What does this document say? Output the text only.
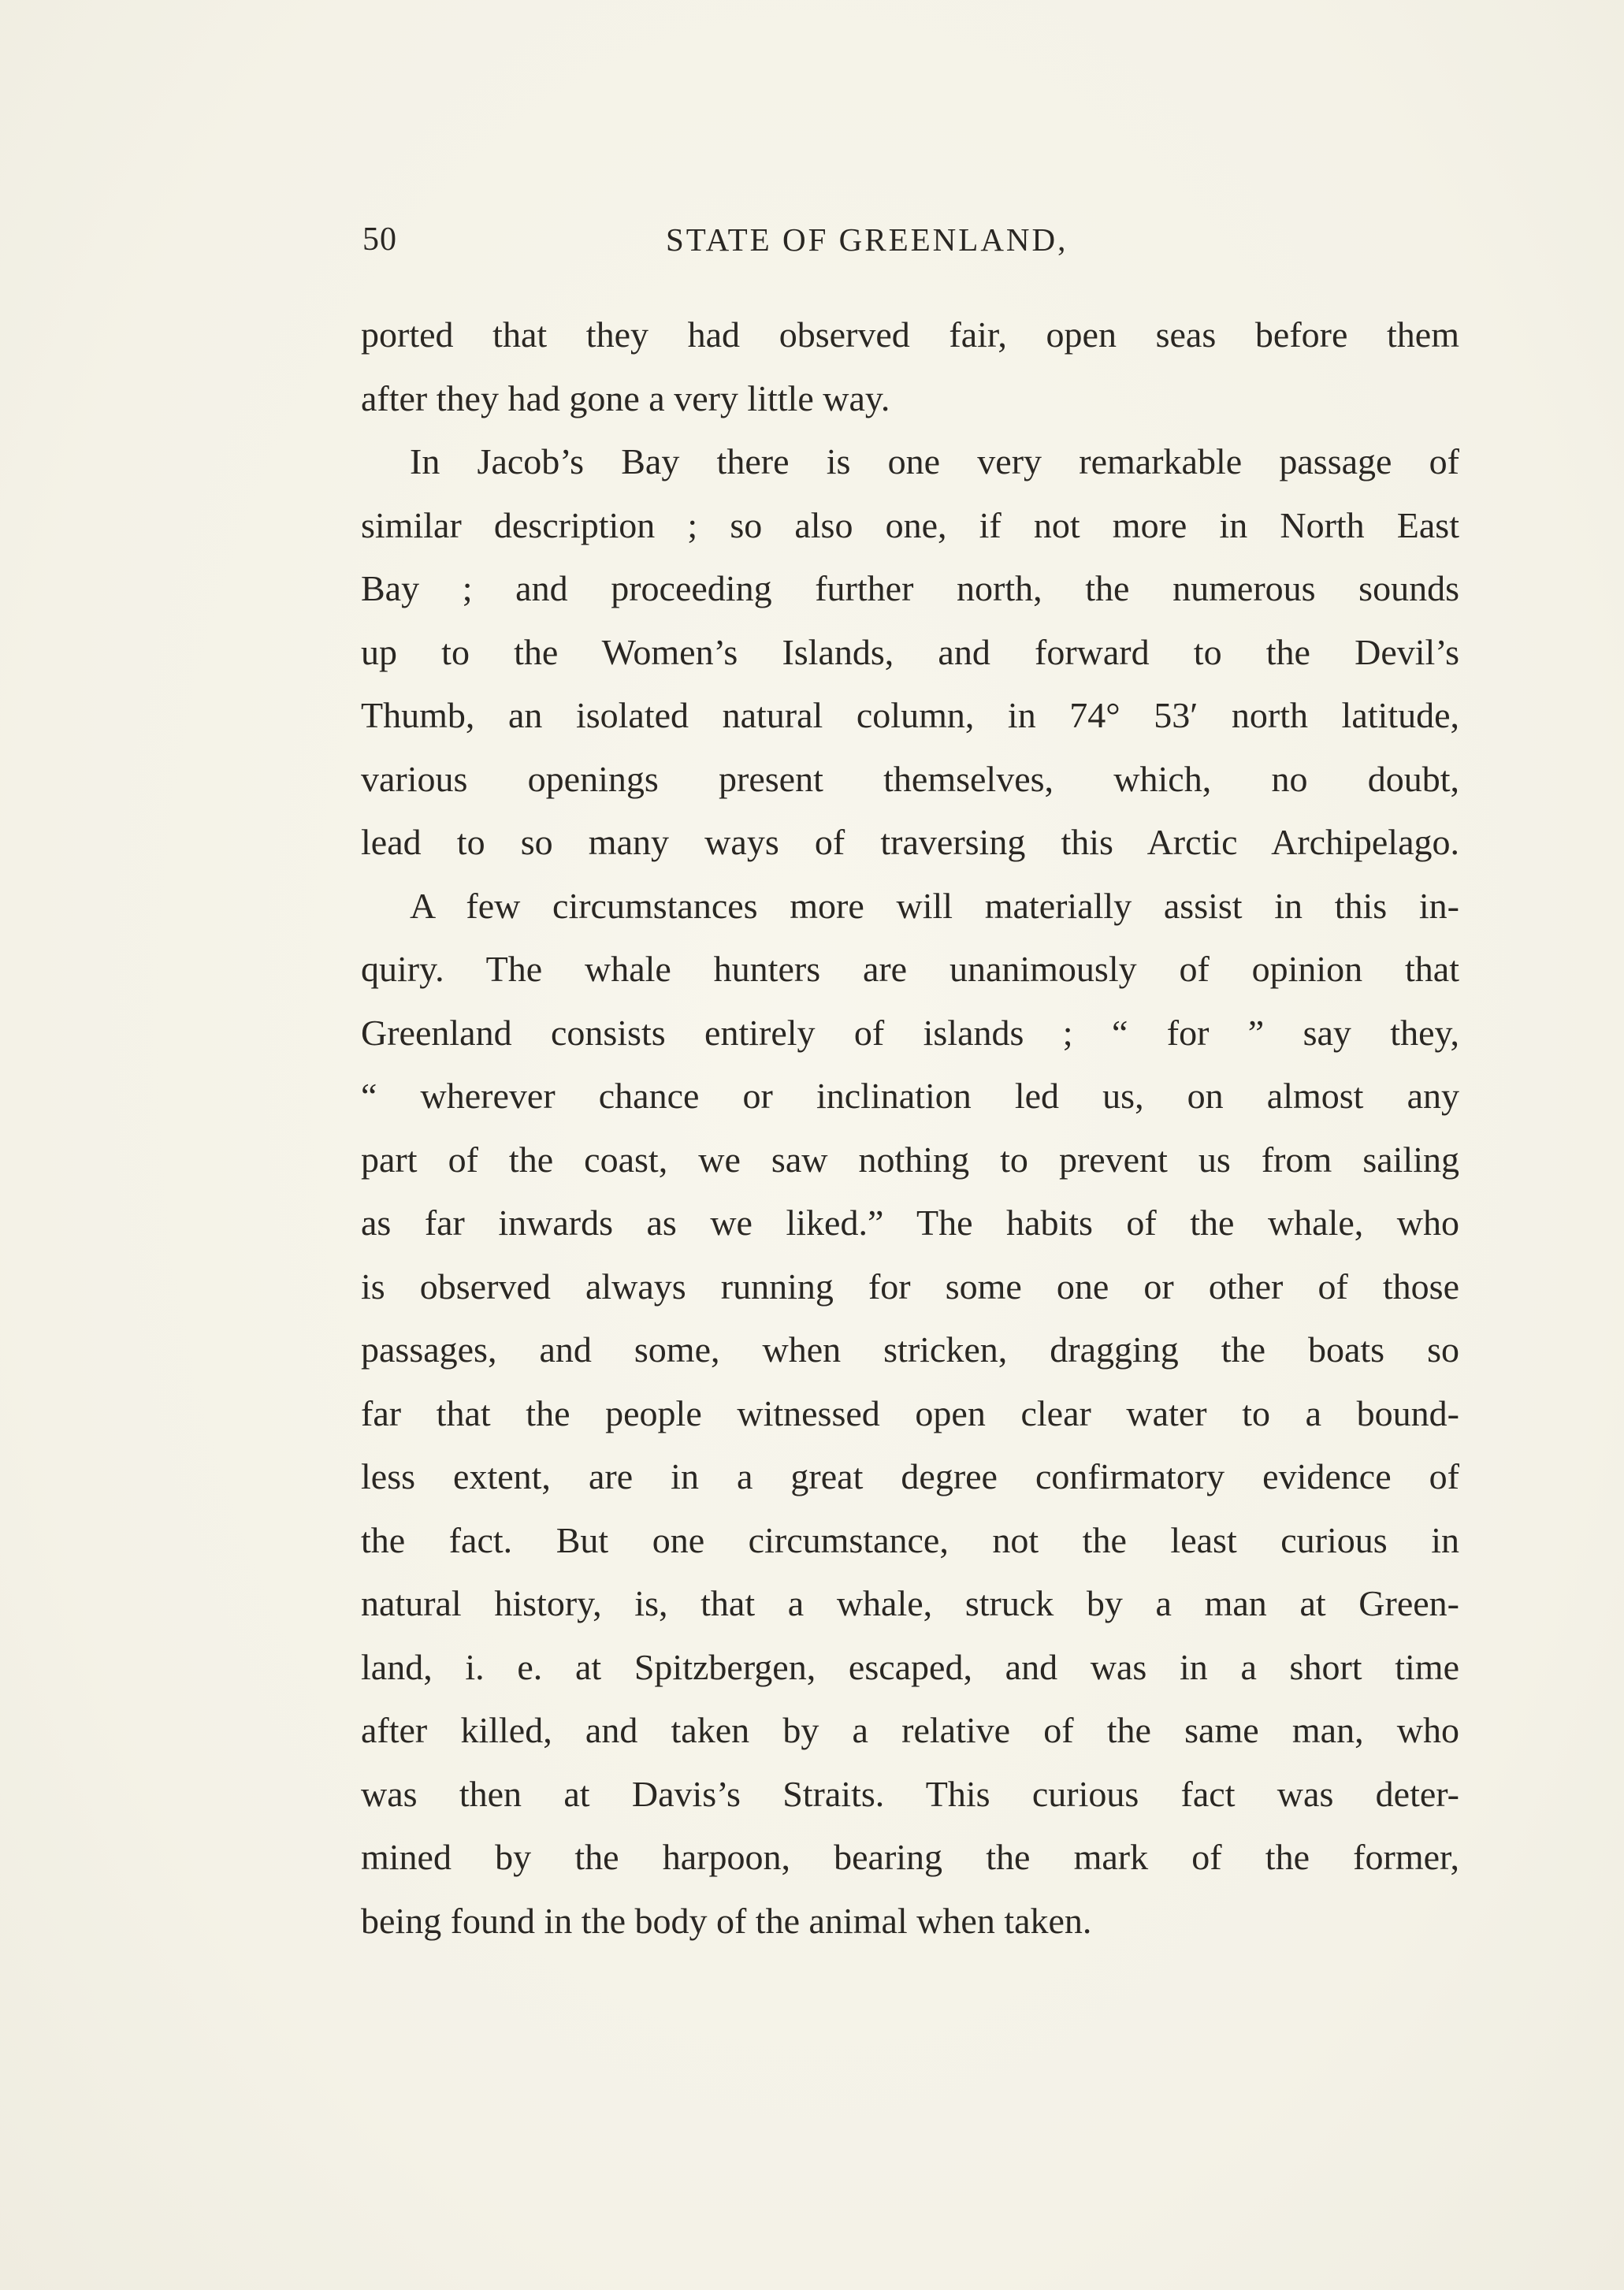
50	STATE OF GREENLAND,
ported that they had observed fair, open seas before them
after they had gone a very little way.
In Jacob’s Bay there is one very remarkable passage of
similar description ; so also one, if not more in North East
Bay ; and proceeding further north, the numerous sounds
up to the Women’s Islands, and forward to the Devil’s
Thumb, an isolated natural column, in 74° 53′ north latitude,
various openings present themselves, which, no doubt,
lead to so many ways of traversing this Arctic Archipelago.
A few circumstances more will materially assist in this in-
quiry. The whale hunters are unanimously of opinion that
Greenland consists entirely of islands ; “ for ” say they,
“ wherever chance or inclination led us, on almost any
part of the coast, we saw nothing to prevent us from sailing
as far inwards as we liked.” The habits of the whale, who
is observed always running for some one or other of those
passages, and some, when stricken, dragging the boats so
far that the people witnessed open clear water to a bound-
less extent, are in a great degree confirmatory evidence of
the fact. But one circumstance, not the least curious in
natural history, is, that a whale, struck by a man at Green-
land, i. e. at Spitzbergen, escaped, and was in a short time
after killed, and taken by a relative of the same man, who
was then at Davis’s Straits. This curious fact was deter-
mined by the harpoon, bearing the mark of the former,
being found in the body of the animal when taken.
